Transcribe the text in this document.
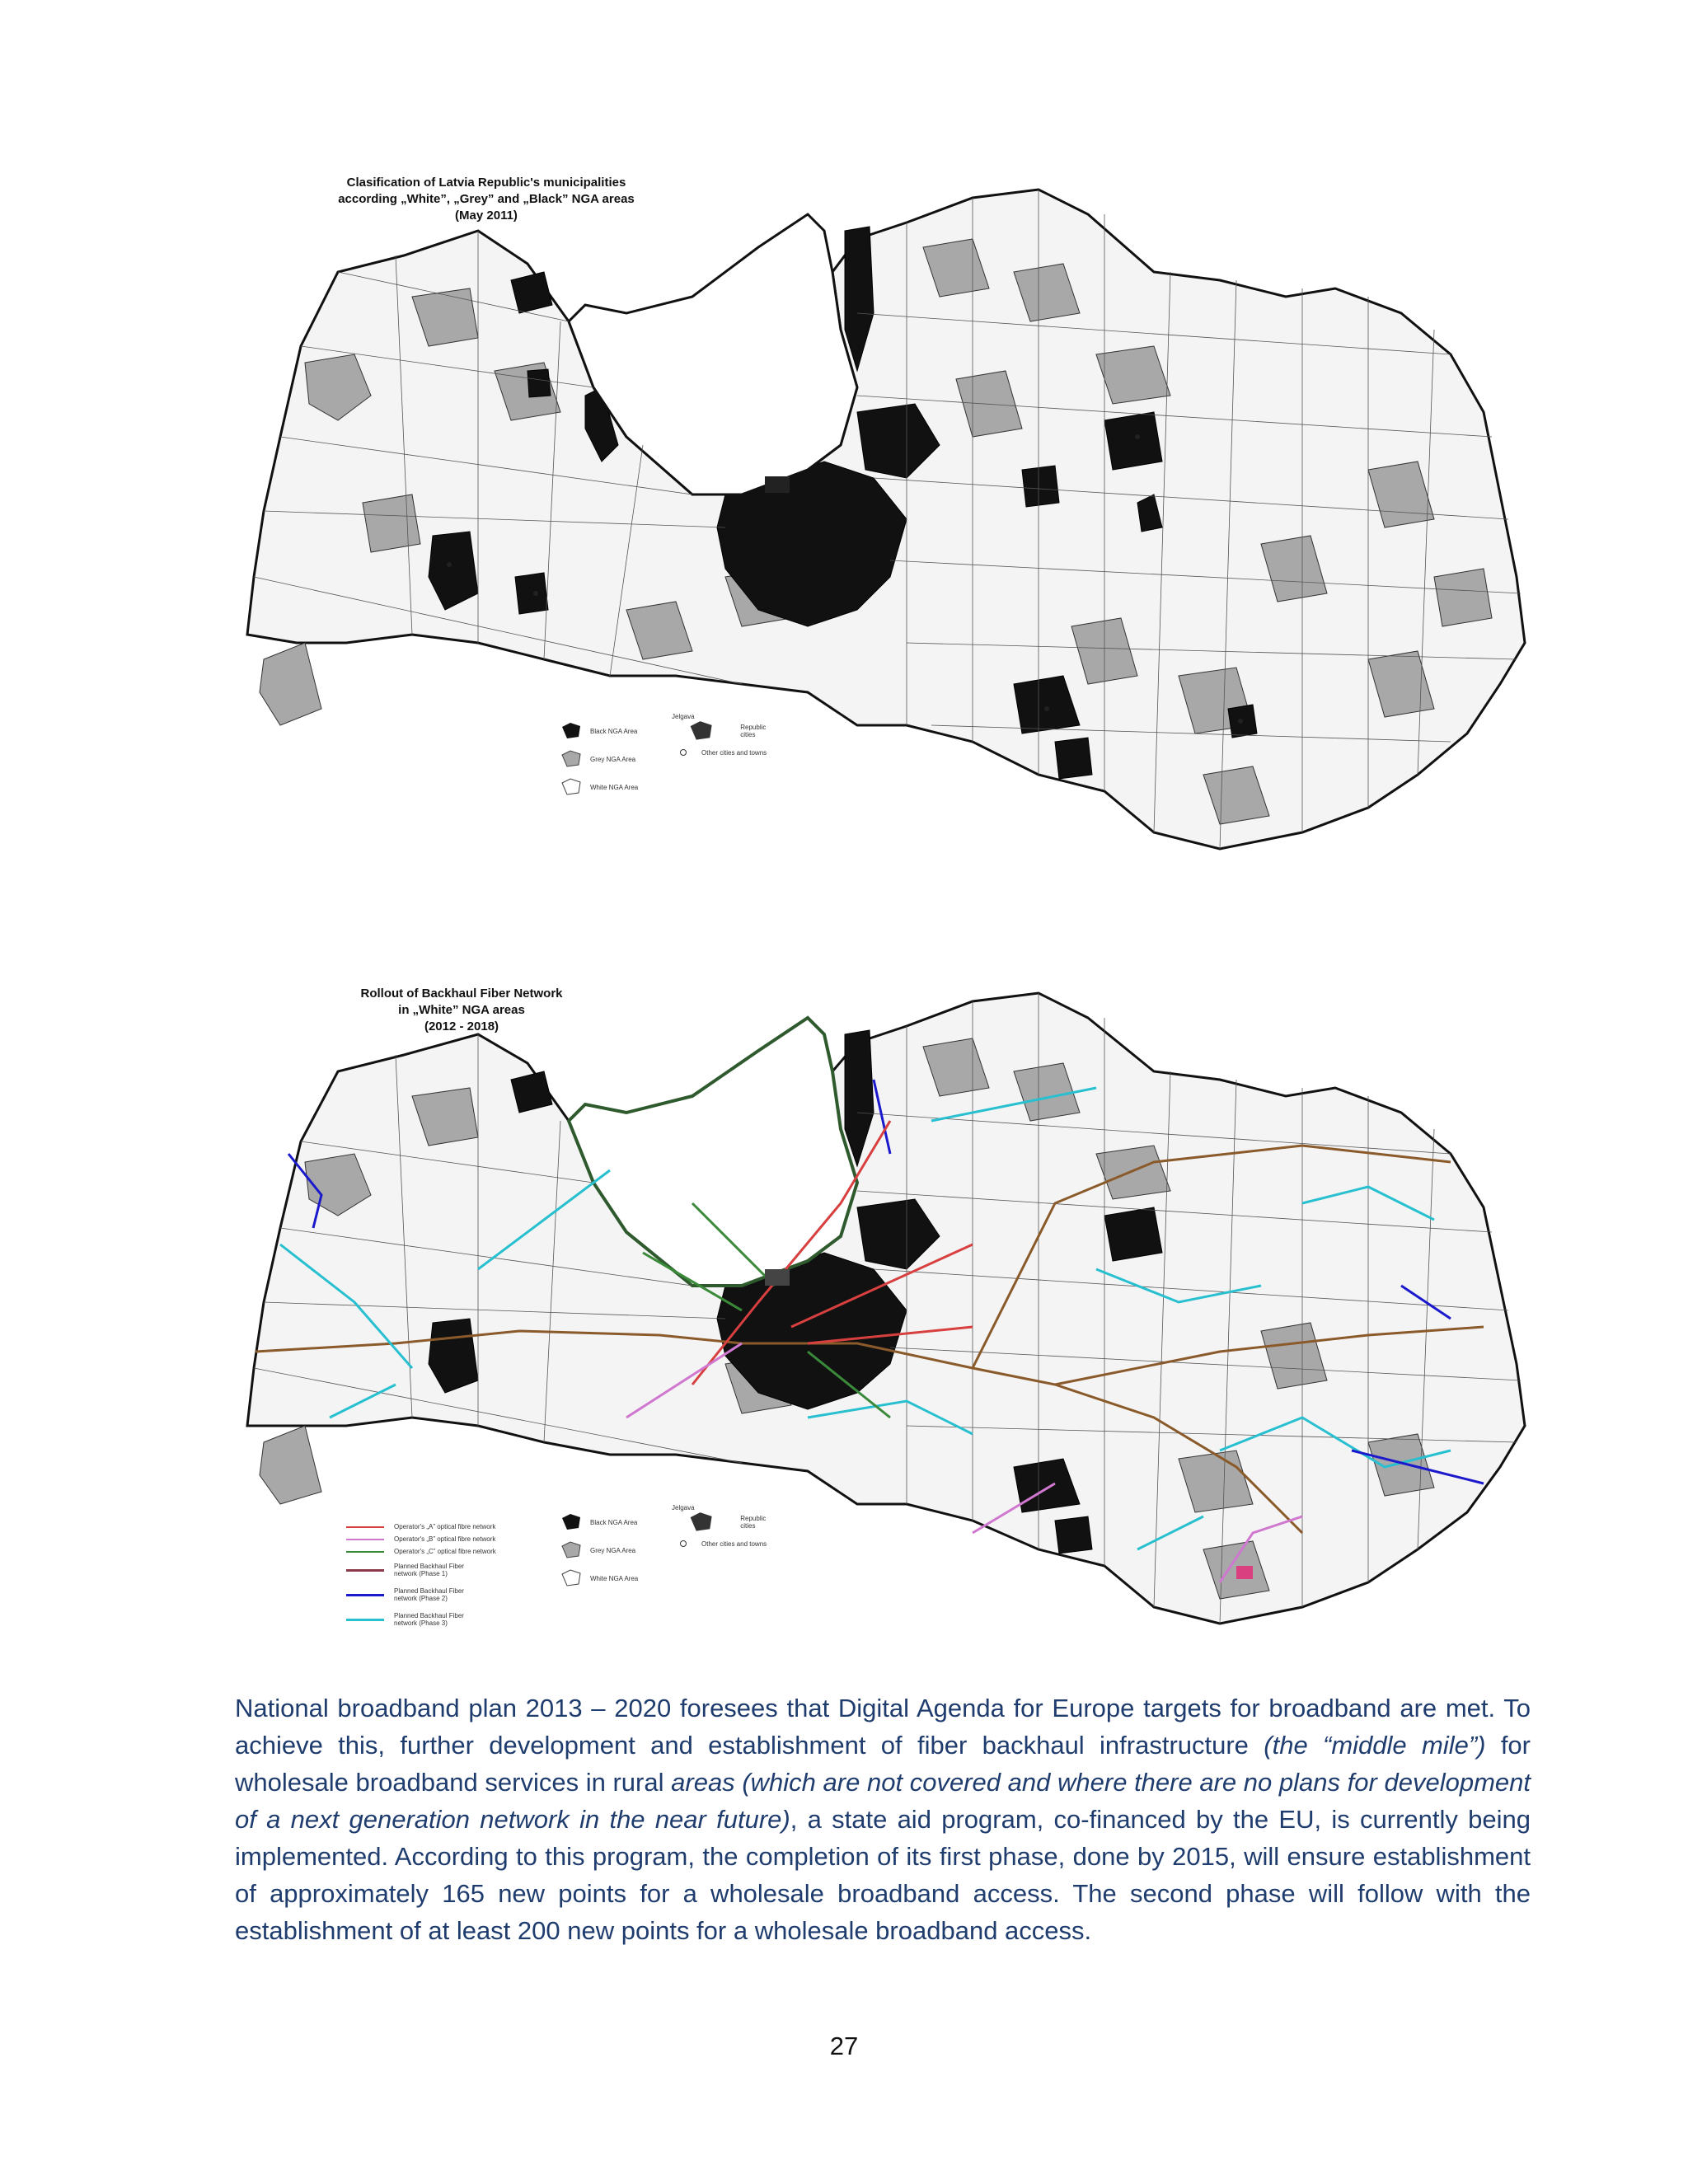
Clasification of Latvia Republic's municipalities
according „White”, „Grey” and „Black” NGA areas
(May 2011)
Black NGA Area
Grey NGA Area
White NGA Area
Jelgava
Republic cities
Other cities and towns
Rollout of Backhaul Fiber Network
in „White” NGA areas
(2012 - 2018)
Operator's „A” optical fibre network
Operator's „B” optical fibre network
Operator's „C” optical fibre network
Planned Backhaul Fiber network (Phase 1)
Planned Backhaul Fiber network (Phase 2)
Planned Backhaul Fiber network (Phase 3)
Black NGA Area
Grey NGA Area
White NGA Area
Jelgava
Republic cities
Other cities and towns
National broadband plan 2013 – 2020 foresees that Digital Agenda for Europe targets for broadband are met. To achieve this, further development and establishment of fiber backhaul infrastructure (the “middle mile”) for wholesale broadband services in rural areas (which are not covered and where there are no plans for development of a next generation network in the near future), a state aid program, co-financed by the EU, is currently being implemented. According to this program, the completion of its first phase, done by 2015, will ensure establishment of approximately 165 new points for a wholesale broadband access. The second phase will follow with the establishment of at least 200 new points for a wholesale broadband access.
27
